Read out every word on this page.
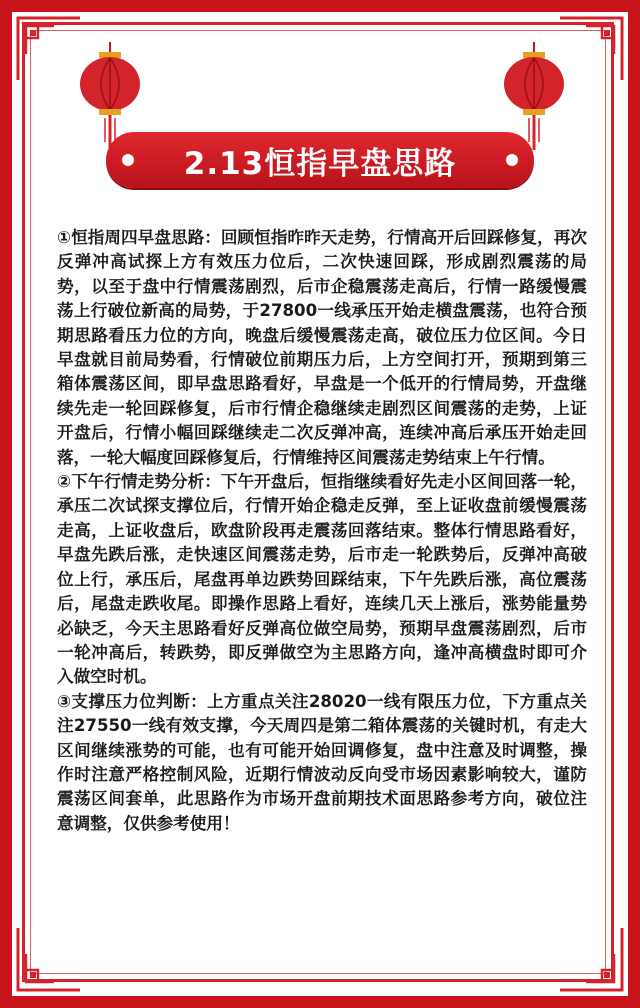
2.13恒指早盘思路

①恒指周四早盘思路：回顾恒指昨昨天走势，行情高开后回踩修复，再次反弹冲高试探上方有效压力位后，二次快速回踩，形成剧烈震荡的局势，以至于盘中行情震荡剧烈，后市企稳震荡走高后，行情一路缓慢震荡上行破位新高的局势，于27800一线承压开始走横盘震荡，也符合预期思路看压力位的方向，晚盘后缓慢震荡走高，破位压力位区间。今日早盘就目前局势看，行情破位前期压力后，上方空间打开，预期到第三箱体震荡区间，即早盘思路看好，早盘是一个低开的行情局势，开盘继续先走一轮回踩修复，后市行情企稳继续走剧烈区间震荡的走势，上证开盘后，行情小幅回踩继续走二次反弹冲高，连续冲高后承压开始走回落，一轮大幅度回踩修复后，行情维持区间震荡走势结束上午行情。

②下午行情走势分析：下午开盘后，恒指继续看好先走小区间回落一轮，承压二次试探支撑位后，行情开始企稳走反弹，至上证收盘前缓慢震荡走高，上证收盘后，欧盘阶段再走震荡回落结束。整体行情思路看好，早盘先跌后涨，走快速区间震荡走势，后市走一轮跌势后，反弹冲高破位上行，承压后，尾盘再单边跌势回踩结束，下午先跌后涨，高位震荡后，尾盘走跌收尾。即操作思路上看好，连续几天上涨后，涨势能量势必缺乏，今天主思路看好反弹高位做空局势，预期早盘震荡剧烈，后市一轮冲高后，转跌势，即反弹做空为主思路方向，逢冲高横盘时即可介入做空时机。

③支撑压力位判断：上方重点关注28020一线有限压力位，下方重点关注27550一线有效支撑，今天周四是第二箱体震荡的关键时机，有走大区间继续涨势的可能，也有可能开始回调修复，盘中注意及时调整，操作时注意严格控制风险，近期行情波动反向受市场因素影响较大，谨防震荡区间套单，此思路作为市场开盘前期技术面思路参考方向，破位注意调整，仅供参考使用！
